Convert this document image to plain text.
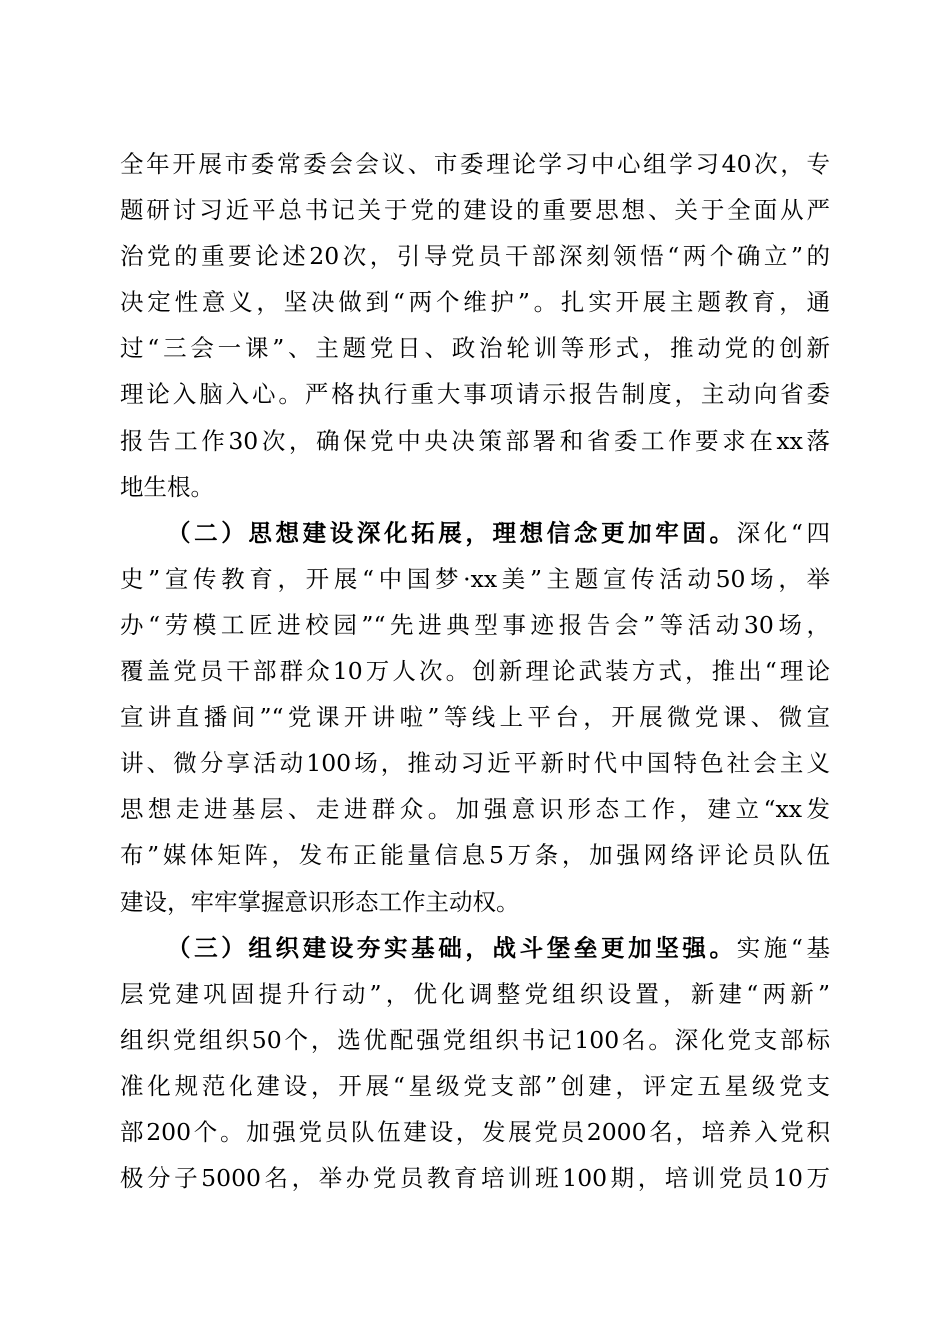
全年开展市委常委会会议、市委理论学习中心组学习40次，专

题研讨习近平总书记关于党的建设的重要思想、关于全面从严

治党的重要论述20次，引导党员干部深刻领悟“两个确立”的

决定性意义，坚决做到“两个维护”。扎实开展主题教育，通

过“三会一课”、主题党日、政治轮训等形式，推动党的创新

理论入脑入心。严格执行重大事项请示报告制度，主动向省委

报告工作30次，确保党中央决策部署和省委工作要求在xx落

地生根。

（二）思想建设深化拓展，理想信念更加牢固。深化“四

史”宣传教育，开展“中国梦·xx美”主题宣传活动50场，举

办“劳模工匠进校园”“先进典型事迹报告会”等活动30场，

覆盖党员干部群众10万人次。创新理论武装方式，推出“理论

宣讲直播间”“党课开讲啦”等线上平台，开展微党课、微宣

讲、微分享活动100场，推动习近平新时代中国特色社会主义

思想走进基层、走进群众。加强意识形态工作，建立“xx发

布”媒体矩阵，发布正能量信息5万条，加强网络评论员队伍

建设，牢牢掌握意识形态工作主动权。

（三）组织建设夯实基础，战斗堡垒更加坚强。实施“基

层党建巩固提升行动”，优化调整党组织设置，新建“两新”

组织党组织50个，选优配强党组织书记100名。深化党支部标

准化规范化建设，开展“星级党支部”创建，评定五星级党支

部200个。加强党员队伍建设，发展党员2000名，培养入党积

极分子5000名，举办党员教育培训班100期，培训党员10万
